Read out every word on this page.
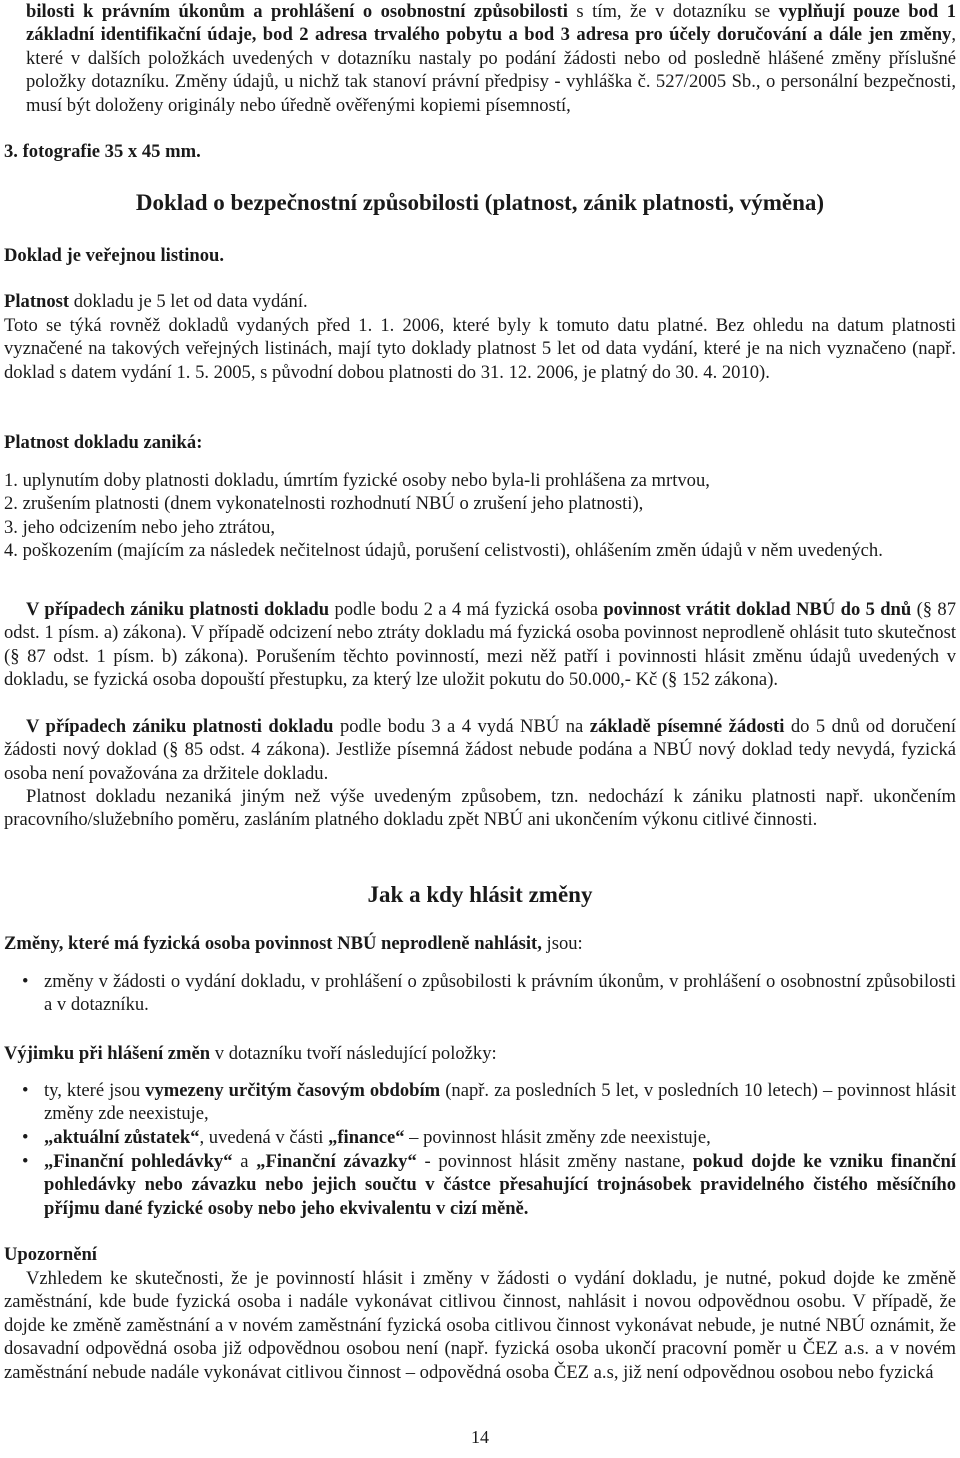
bilosti k právním úkonům a prohlášení o osobnostní způsobilosti s tím, že v dotazníku se vyplňují pouze bod 1 základní identifikační údaje, bod 2 adresa trvalého pobytu a bod 3 adresa pro účely doručování a dále jen změny, které v dalších položkách uvedených v dotazníku nastaly po podání žádosti nebo od posledně hlášené změny příslušné položky dotazníku. Změny údajů, u nichž tak stanoví právní předpisy - vyhláška č. 527/2005 Sb., o personální bezpečnosti, musí být doloženy originály nebo úředně ověřenými kopiemi písemností,

3. fotografie 35 x 45 mm.

Doklad o bezpečnostní způsobilosti (platnost, zánik platnosti, výměna)

Doklad je veřejnou listinou.

Platnost dokladu je 5 let od data vydání.

Toto se týká rovněž dokladů vydaných před 1. 1. 2006, které byly k tomuto datu platné. Bez ohledu na datum platnosti vyznačené na takových veřejných listinách, mají tyto doklady platnost 5 let od data vydání, které je na nich vyznačeno (např. doklad s datem vydání 1. 5. 2005, s původní dobou platnosti do 31. 12. 2006, je platný do 30. 4. 2010).

Platnost dokladu zaniká:

1. uplynutím doby platnosti dokladu, úmrtím fyzické osoby nebo byla-li prohlášena za mrtvou,

2. zrušením platnosti (dnem vykonatelnosti rozhodnutí NBÚ o zrušení jeho platnosti),

3. jeho odcizením nebo jeho ztrátou,

4. poškozením (majícím za následek nečitelnost údajů, porušení celistvosti), ohlášením změn údajů v něm uvedených.

V případech zániku platnosti dokladu podle bodu 2 a 4 má fyzická osoba povinnost vrátit doklad NBÚ do 5 dnů (§ 87 odst. 1 písm. a) zákona). V případě odcizení nebo ztráty dokladu má fyzická osoba povinnost neprodleně ohlásit tuto skutečnost (§ 87 odst. 1 písm. b) zákona). Porušením těchto povinností, mezi něž patří i povinnosti hlásit změnu údajů uvedených v dokladu, se fyzická osoba dopouští přestupku, za který lze uložit pokutu do 50.000,- Kč (§ 152 zákona).

V případech zániku platnosti dokladu podle bodu 3 a 4 vydá NBÚ na základě písemné žádosti do 5 dnů od doručení žádosti nový doklad (§ 85 odst. 4 zákona). Jestliže písemná žádost nebude podána a NBÚ nový doklad tedy nevydá, fyzická osoba není považována za držitele dokladu.

Platnost dokladu nezaniká jiným než výše uvedeným způsobem, tzn. nedochází k zániku platnosti např. ukončením pracovního/služebního poměru, zasláním platného dokladu zpět NBÚ ani ukončením výkonu citlivé činnosti.

Jak a kdy hlásit změny

Změny, které má fyzická osoba povinnost NBÚ neprodleně nahlásit, jsou:

• změny v žádosti o vydání dokladu, v prohlášení o způsobilosti k právním úkonům, v prohlášení o osobnostní způsobilosti a v dotazníku.

Výjimku při hlášení změn v dotazníku tvoří následující položky:

• ty, které jsou vymezeny určitým časovým obdobím (např. za posledních 5 let, v posledních 10 letech) – povinnost hlásit změny zde neexistuje,

• „aktuální zůstatek“, uvedená v části „finance“ – povinnost hlásit změny zde neexistuje,

• „Finanční pohledávky“ a „Finanční závazky“ - povinnost hlásit změny nastane, pokud dojde ke vzniku finanční pohledávky nebo závazku nebo jejich součtu v částce přesahující trojnásobek pravidelného čistého měsíčního příjmu dané fyzické osoby nebo jeho ekvivalentu v cizí měně.

Upozornění

Vzhledem ke skutečnosti, že je povinností hlásit i změny v žádosti o vydání dokladu, je nutné, pokud dojde ke změně zaměstnání, kde bude fyzická osoba i nadále vykonávat citlivou činnost, nahlásit i novou odpovědnou osobu. V případě, že dojde ke změně zaměstnání a v novém zaměstnání fyzická osoba citlivou činnost vykonávat nebude, je nutné NBÚ oznámit, že dosavadní odpovědná osoba již odpovědnou osobou není (např. fyzická osoba ukončí pracovní poměr u ČEZ a.s. a v novém zaměstnání nebude nadále vykonávat citlivou činnost – odpovědná osoba ČEZ a.s, již není odpovědnou osobou nebo fyzická

14
